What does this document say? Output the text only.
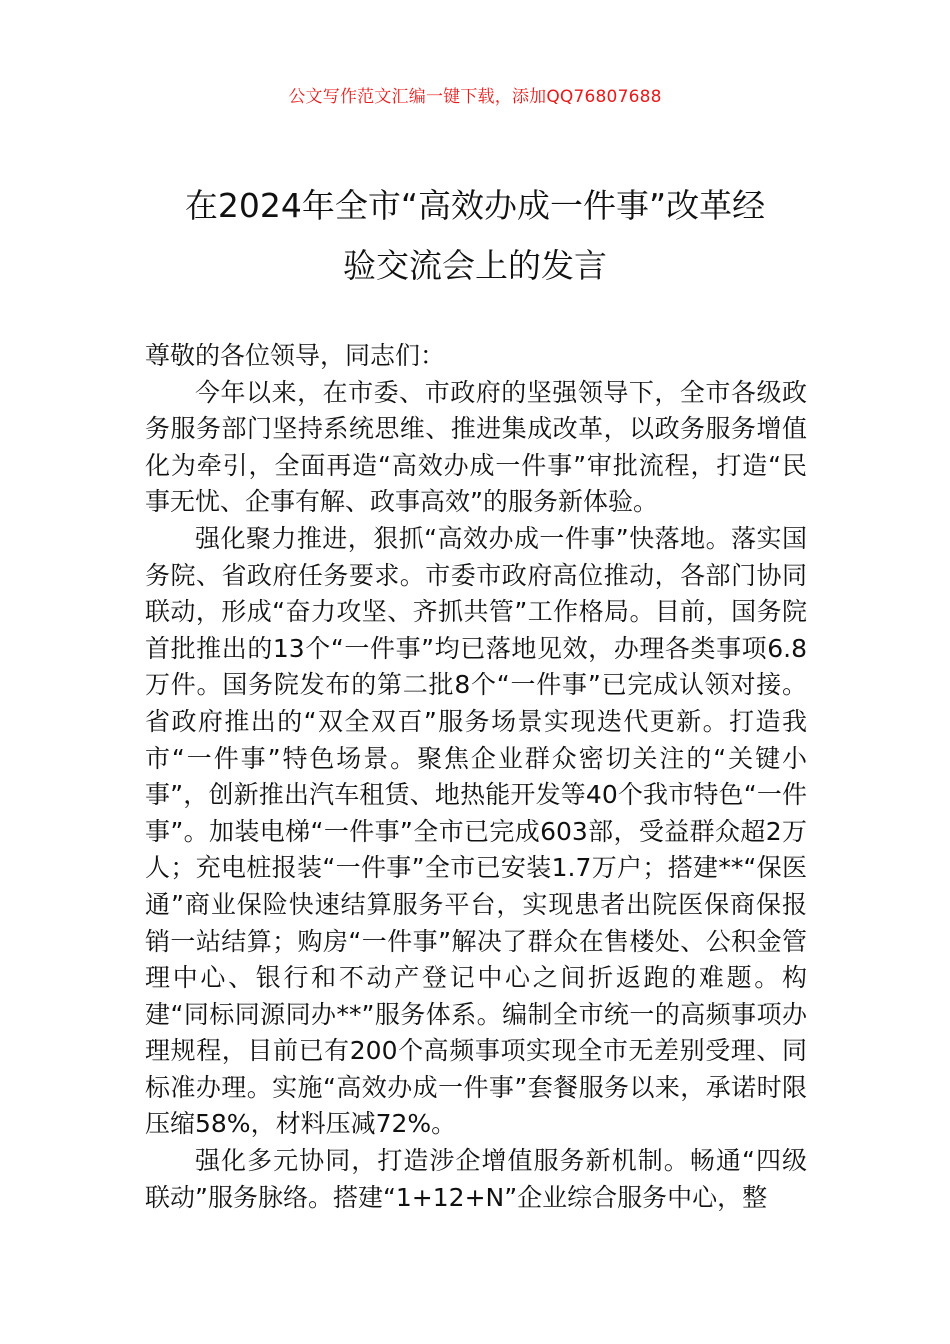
公文写作范文汇编一键下载，添加QQ76807688
在2024年全市“高效办成一件事”改革经
验交流会上的发言

尊敬的各位领导，同志们：

今年以来，在市委、市政府的坚强领导下，全市各级政务服务部门坚持系统思维、推进集成改革，以政务服务增值化为牵引，全面再造“高效办成一件事”审批流程，打造“民事无忧、企事有解、政事高效”的服务新体验。

强化聚力推进，狠抓“高效办成一件事”快落地。落实国务院、省政府任务要求。市委市政府高位推动，各部门协同联动，形成“奋力攻坚、齐抓共管”工作格局。目前，国务院首批推出的13个“一件事”均已落地见效，办理各类事项6.8万件。国务院发布的第二批8个“一件事”已完成认领对接。省政府推出的“双全双百”服务场景实现迭代更新。打造我市“一件事”特色场景。聚焦企业群众密切关注的“关键小事”，创新推出汽车租赁、地热能开发等40个我市特色“一件事”。加装电梯“一件事”全市已完成603部，受益群众超2万人；充电桩报装“一件事”全市已安装1.7万户；搭建**“保医通”商业保险快速结算服务平台，实现患者出院医保商保报销一站结算；购房“一件事”解决了群众在售楼处、公积金管理中心、银行和不动产登记中心之间折返跑的难题。构建“同标同源同办**”服务体系。编制全市统一的高频事项办理规程，目前已有200个高频事项实现全市无差别受理、同标准办理。实施“高效办成一件事”套餐服务以来，承诺时限压缩58%，材料压减72%。

强化多元协同，打造涉企增值服务新机制。畅通“四级联动”服务脉络。搭建“1+12+N”企业综合服务中心，整
